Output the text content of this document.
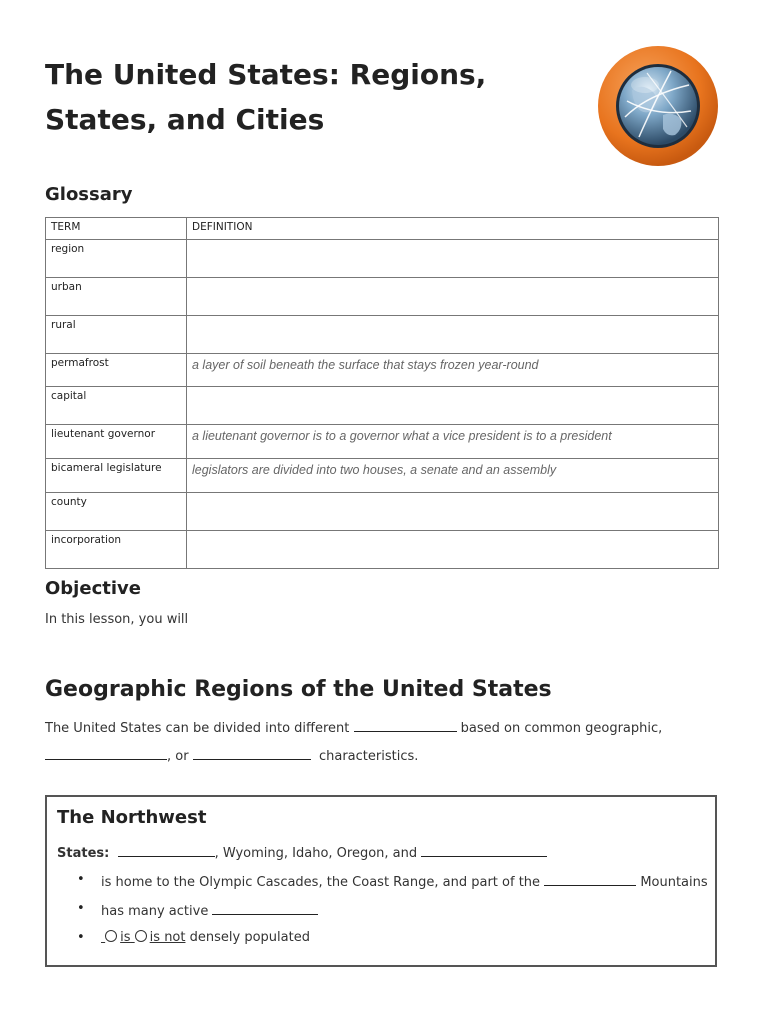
The United States: Regions, States, and Cities
Glossary
TERM	DEFINITION
region	
urban	
rural	
permafrost	a layer of soil beneath the surface that stays frozen year-round
capital	
lieutenant governor	a lieutenant governor is to a governor what a vice president is to a president
bicameral legislature	legislators are divided into two houses, a senate and an assembly
county	
incorporation	
Objective
In this lesson, you will
Geographic Regions of the United States
The United States can be divided into different	based on common geographic,
, or	characteristics.
The Northwest
States:	, Wyoming, Idaho, Oregon, and
• is home to the Olympic Cascades, the Coast Range, and part of the	Mountains
• has many active
•	is is not densely populated
